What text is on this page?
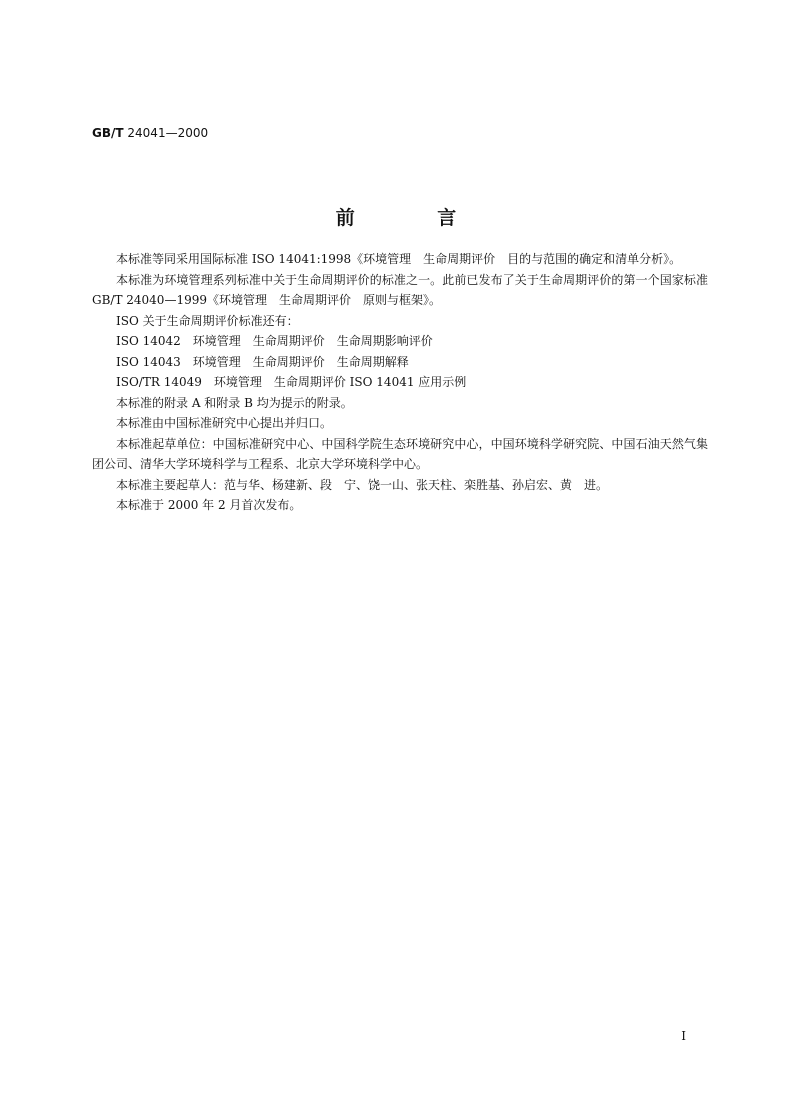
GB/T 24041—2000
前 言

本标准等同采用国际标准 ISO 14041:1998《环境管理　生命周期评价　目的与范围的确定和清单分析》。

本标准为环境管理系列标准中关于生命周期评价的标准之一。此前已发布了关于生命周期评价的第一个国家标准 GB/T 24040—1999《环境管理　生命周期评价　原则与框架》。

ISO 关于生命周期评价标准还有：

ISO 14042　环境管理　生命周期评价　生命周期影响评价

ISO 14043　环境管理　生命周期评价　生命周期解释

ISO/TR 14049　环境管理　生命周期评价 ISO 14041 应用示例

本标准的附录 A 和附录 B 均为提示的附录。

本标准由中国标准研究中心提出并归口。

本标准起草单位：中国标准研究中心、中国科学院生态环境研究中心，中国环境科学研究院、中国石油天然气集团公司、清华大学环境科学与工程系、北京大学环境科学中心。

本标准主要起草人：范与华、杨建新、段　宁、饶一山、张天柱、栾胜基、孙启宏、黄　进。

本标准于 2000 年 2 月首次发布。

I
